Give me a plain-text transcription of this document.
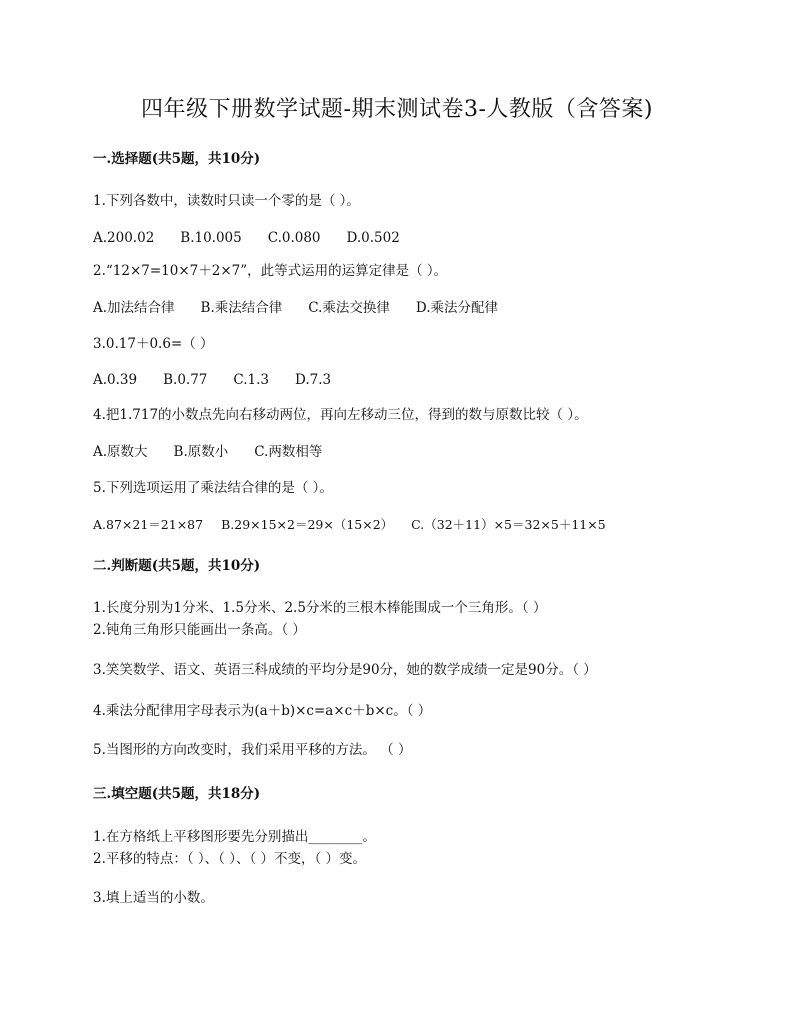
四年级下册数学试题-期末测试卷3-人教版（含答案)
一.选择题(共5题，共10分)
1.下列各数中，读数时只读一个零的是（ ）。
A.200.02 B.10.005 C.0.080 D.0.502
2.“12×7=10×7＋2×7”，此等式运用的运算定律是（ ）。
A.加法结合律 B.乘法结合律 C.乘法交换律 D.乘法分配律
3.0.17＋0.6=（ ）
A.0.39 B.0.77 C.1.3 D.7.3
4.把1.717的小数点先向右移动两位，再向左移动三位，得到的数与原数比较（ ）。
A.原数大 B.原数小 C.两数相等
5.下列选项运用了乘法结合律的是（ ）。
A.87×21＝21×87 B.29×15×2＝29×（15×2） C.（32＋11）×5＝32×5＋11×5
二.判断题(共5题，共10分)
1.长度分别为1分米、1.5分米、2.5分米的三根木棒能围成一个三角形。（ ）
2.钝角三角形只能画出一条高。（ ）
3.笑笑数学、语文、英语三科成绩的平均分是90分，她的数学成绩一定是90分。（ ）
4.乘法分配律用字母表示为(a＋b)×c=a×c＋b×c。（ ）
5.当图形的方向改变时，我们采用平移的方法。 （ ）
三.填空题(共5题，共18分)
1.在方格纸上平移图形要先分别描出________。
2.平移的特点：（ ）、（ ）、（ ）不变，（ ）变。
3.填上适当的小数。
